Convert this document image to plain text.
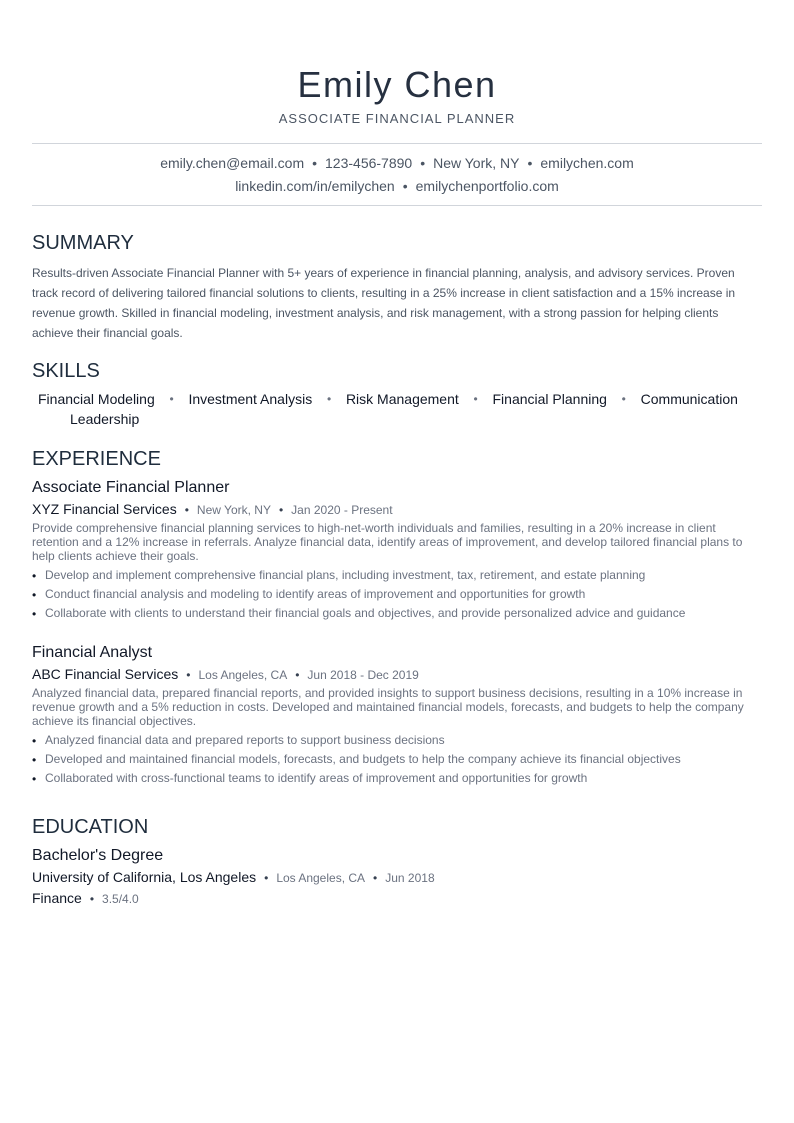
Emily Chen
ASSOCIATE FINANCIAL PLANNER
emily.chen@email.com • 123-456-7890 • New York, NY • emilychen.com
linkedin.com/in/emilychen • emilychenportfolio.com
SUMMARY

Results-driven Associate Financial Planner with 5+ years of experience in financial planning, analysis, and advisory services. Proven track record of delivering tailored financial solutions to clients, resulting in a 25% increase in client satisfaction and a 15% increase in revenue growth. Skilled in financial modeling, investment analysis, and risk management, with a strong passion for helping clients achieve their financial goals.

SKILLS
Financial Modeling • Investment Analysis • Risk Management • Financial Planning • Communication
Leadership
EXPERIENCE
Associate Financial Planner
XYZ Financial Services • New York, NY • Jan 2020 - Present

Provide comprehensive financial planning services to high-net-worth individuals and families, resulting in a 20% increase in client retention and a 12% increase in referrals. Analyze financial data, identify areas of improvement, and develop tailored financial plans to help clients achieve their goals.

• Develop and implement comprehensive financial plans, including investment, tax, retirement, and estate planning
• Conduct financial analysis and modeling to identify areas of improvement and opportunities for growth
• Collaborate with clients to understand their financial goals and objectives, and provide personalized advice and guidance
Financial Analyst
ABC Financial Services • Los Angeles, CA • Jun 2018 - Dec 2019

Analyzed financial data, prepared financial reports, and provided insights to support business decisions, resulting in a 10% increase in revenue growth and a 5% reduction in costs. Developed and maintained financial models, forecasts, and budgets to help the company achieve its financial objectives.

• Analyzed financial data and prepared reports to support business decisions
• Developed and maintained financial models, forecasts, and budgets to help the company achieve its financial objectives
• Collaborated with cross-functional teams to identify areas of improvement and opportunities for growth
EDUCATION
Bachelor's Degree
University of California, Los Angeles • Los Angeles, CA • Jun 2018
Finance • 3.5/4.0
